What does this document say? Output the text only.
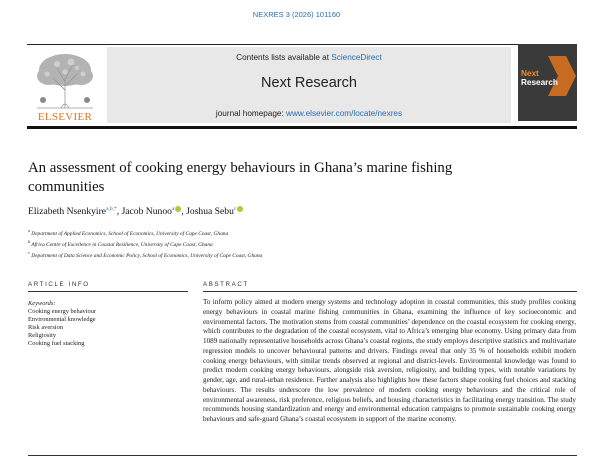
NEXRES 3 (2026) 101160
ELSEVIER
Contents lists available at ScienceDirect
Next Research
journal homepage: www.elsevier.com/locate/nexres
Next
Research
An assessment of cooking energy behaviours in Ghana’s marine fishing communities
Elizabeth Nsenkyire$^{a,b,*}$, Jacob Nunoo$^a$ , Joshua Sebu$^c$
$^a$ Department of Applied Economics, School of Economics, University of Cape Coast, Ghana
$^b$ Africa Centre of Excellence in Coastal Resilience, University of Cape Coast, Ghana
$^c$ Department of Data Science and Economic Policy, School of Economics, University of Cape Coast, Ghana
ARTICLE INFO	ABSTRACT
Keywords:
Cooking energy behaviour
Environmental knowledge
Risk aversion
Religiosity
Cooking fuel stacking
To inform policy aimed at modern energy systems and technology adoption in coastal communities, this study profiles cooking energy behaviours in coastal marine fishing communities in Ghana, examining the influence of key socioeconomic and environmental factors. The motivation stems from coastal communities’ dependence on the coastal ecosystem for cooking energy, which contributes to the degradation of the coastal ecosystem, vital to Africa’s emerging blue economy. Using primary data from 1089 nationally representative households across Ghana’s coastal regions, the study employs descriptive statistics and multivariate regression models to uncover behavioural patterns and drivers. Findings reveal that only 35 % of households exhibit modern cooking energy behaviours, with similar trends observed at regional and district-levels. Environmental knowledge was found to predict modern cooking energy behaviours, alongside risk aversion, religiosity, and building types, with notable variations by gender, age, and rural-urban residence. Further analysis also highlights how these factors shape cooking fuel choices and stacking behaviours. The results underscore the low prevalence of modern cooking energy behaviours and the critical role of environmental awareness, risk preference, religious beliefs, and housing characteristics in facilitating energy transition. The study recommends housing standardization and energy and environmental education campaigns to promote sustainable cooking energy behaviours and safe-guard Ghana’s coastal ecosystem in support of the marine economy.
